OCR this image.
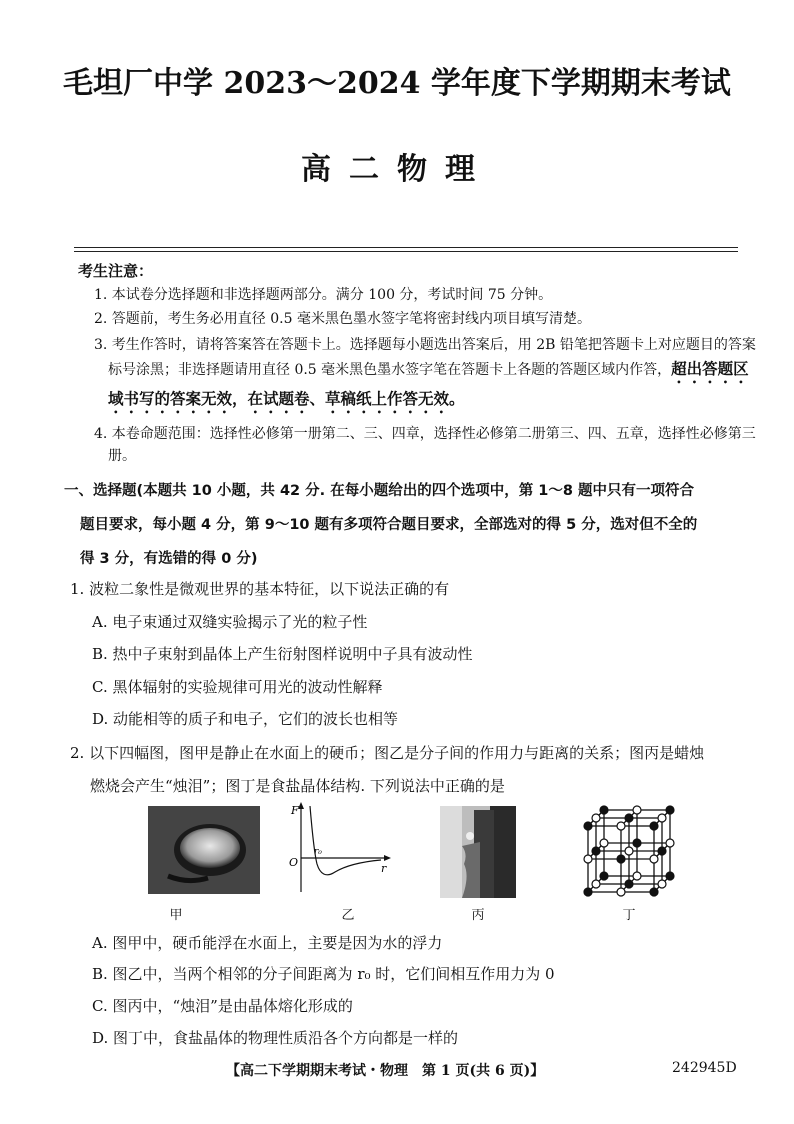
毛坦厂中学 2023～2024 学年度下学期期末考试
高二物理
考生注意：

1. 本试卷分选择题和非选择题两部分。满分 100 分，考试时间 75 分钟。

2. 答题前，考生务必用直径 0.5 毫米黑色墨水签字笔将密封线内项目填写清楚。

3. 考生作答时，请将答案答在答题卡上。选择题每小题选出答案后，用 2B 铅笔把答题卡上对应题目的答案标号涂黑；非选择题请用直径 0.5 毫米黑色墨水签字笔在答题卡上各题的答题区域内作答，超出答题区域书写的答案无效，在试题卷、草稿纸上作答无效。

4. 本卷命题范围：选择性必修第一册第二、三、四章，选择性必修第二册第三、四、五章，选择性必修第三册。

一、选择题(本题共 10 小题，共 42 分. 在每小题给出的四个选项中，第 1～8 题中只有一项符合
题目要求，每小题 4 分，第 9～10 题有多项符合题目要求，全部选对的得 5 分，选对但不全的
得 3 分，有选错的得 0 分)
1. 波粒二象性是微观世界的基本特征，以下说法正确的有
A. 电子束通过双缝实验揭示了光的粒子性
B. 热中子束射到晶体上产生衍射图样说明中子具有波动性
C. 黑体辐射的实验规律可用光的波动性解释
D. 动能相等的质子和电子，它们的波长也相等
2. 以下四幅图，图甲是静止在水面上的硬币；图乙是分子间的作用力与距离的关系；图丙是蜡烛
燃烧会产生“烛泪”；图丁是食盐晶体结构. 下列说法中正确的是
甲
F
O	r
r₀
乙	丙	丁
A. 图甲中，硬币能浮在水面上，主要是因为水的浮力
B. 图乙中，当两个相邻的分子间距离为 r₀ 时，它们间相互作用力为 0
C. 图丙中，“烛泪”是由晶体熔化形成的
D. 图丁中，食盐晶体的物理性质沿各个方向都是一样的
【高二下学期期末考试・物理　第 1 页(共 6 页)】	242945D
